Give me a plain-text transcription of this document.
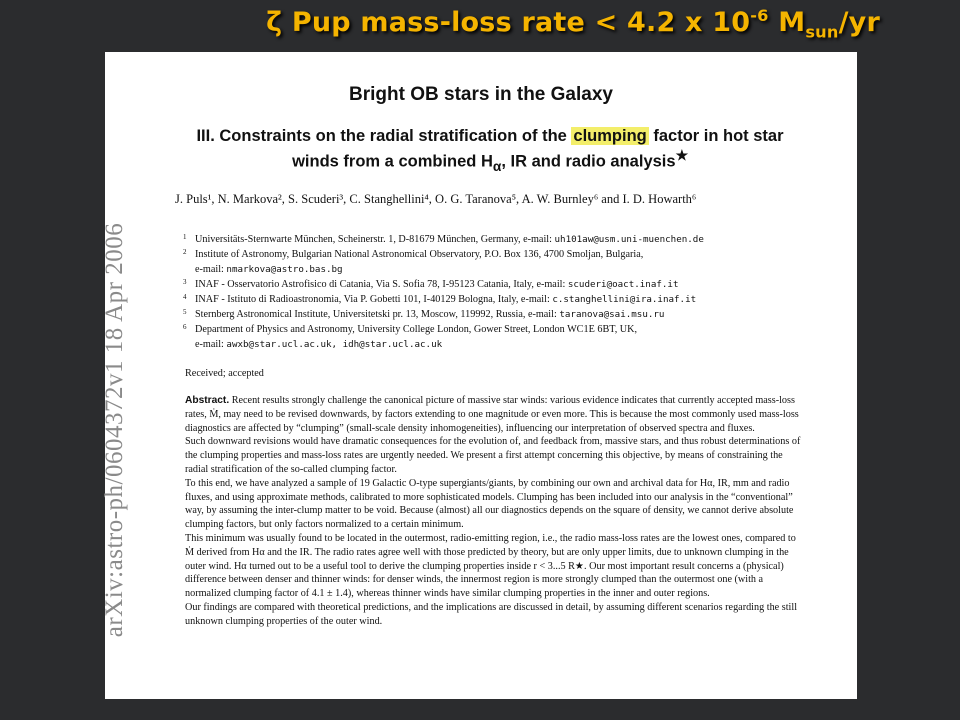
ζ Pup mass-loss rate < 4.2 x $10^{-6}$ $M_{sun}/yr$
arXiv:astro-ph/0604372v1 18 Apr 2006
Bright OB stars in the Galaxy
III. Constraints on the radial stratification of the clumping factor in hot star
winds from a combined $H_\alpha$, IR and radio analysis★
J. Puls¹, N. Markova², S. Scuderi³, C. Stanghellini⁴, O. G. Taranova⁵, A. W. Burnley⁶ and I. D. Howarth⁶
1 Universitäts-Sternwarte München, Scheinerstr. 1, D-81679 München, Germany, e-mail: uh101aw@usm.uni-muenchen.de
2 Institute of Astronomy, Bulgarian National Astronomical Observatory, P.O. Box 136, 4700 Smoljan, Bulgaria,
e-mail: nmarkova@astro.bas.bg
3 INAF - Osservatorio Astrofisico di Catania, Via S. Sofia 78, I-95123 Catania, Italy, e-mail: scuderi@oact.inaf.it
4 INAF - Istituto di Radioastronomia, Via P. Gobetti 101, I-40129 Bologna, Italy, e-mail: c.stanghellini@ira.inaf.it
5 Sternberg Astronomical Institute, Universitetski pr. 13, Moscow, 119992, Russia, e-mail: taranova@sai.msu.ru
6 Department of Physics and Astronomy, University College London, Gower Street, London WC1E 6BT, UK,
e-mail: awxb@star.ucl.ac.uk, idh@star.ucl.ac.uk
Received; accepted

Abstract. Recent results strongly challenge the canonical picture of massive star winds: various evidence indicates that currently accepted mass-loss rates, Ṁ, may need to be revised downwards, by factors extending to one magnitude or even more. This is because the most commonly used mass-loss diagnostics are affected by “clumping” (small-scale density inhomogeneities), influencing our interpretation of observed spectra and fluxes.

Such downward revisions would have dramatic consequences for the evolution of, and feedback from, massive stars, and thus robust determinations of the clumping properties and mass-loss rates are urgently needed. We present a first attempt concerning this objective, by means of constraining the radial stratification of the so-called clumping factor.

To this end, we have analyzed a sample of 19 Galactic O-type supergiants/giants, by combining our own and archival data for Hα, IR, mm and radio fluxes, and using approximate methods, calibrated to more sophisticated models. Clumping has been included into our analysis in the “conventional” way, by assuming the inter-clump matter to be void. Because (almost) all our diagnostics depends on the square of density, we cannot derive absolute clumping factors, but only factors normalized to a certain minimum.

This minimum was usually found to be located in the outermost, radio-emitting region, i.e., the radio mass-loss rates are the lowest ones, compared to Ṁ derived from Hα and the IR. The radio rates agree well with those predicted by theory, but are only upper limits, due to unknown clumping in the outer wind. Hα turned out to be a useful tool to derive the clumping properties inside r < 3...5 R★. Our most important result concerns a (physical) difference between denser and thinner winds: for denser winds, the innermost region is more strongly clumped than the outermost one (with a normalized clumping factor of 4.1 ± 1.4), whereas thinner winds have similar clumping properties in the inner and outer regions.

Our findings are compared with theoretical predictions, and the implications are discussed in detail, by assuming different scenarios regarding the still unknown clumping properties of the outer wind.
